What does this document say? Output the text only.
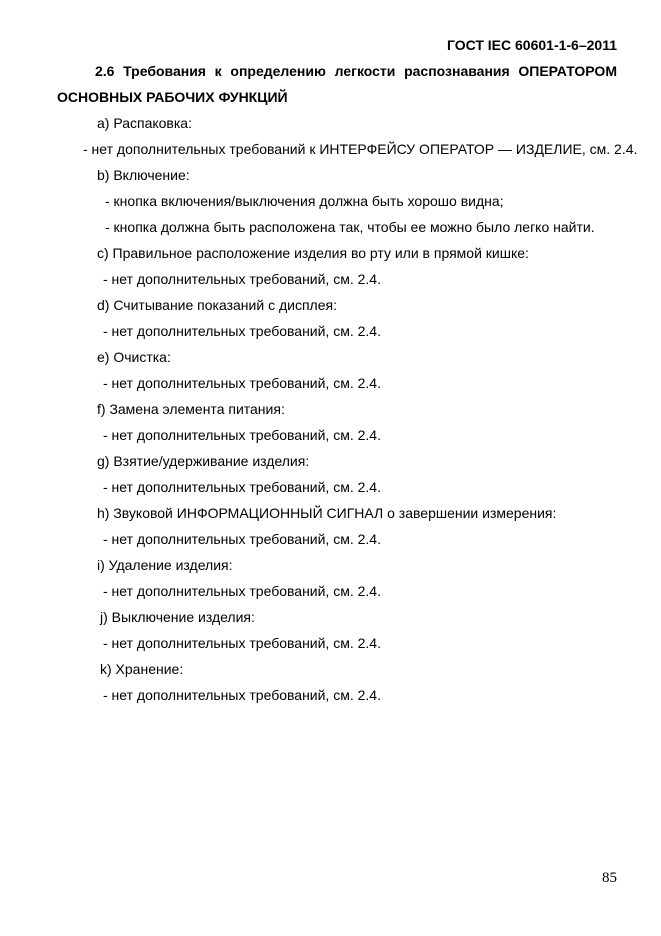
ГОСТ IEC 60601-1-6–2011
2.6 Требования к определению легкости распознавания ОПЕРАТОРОМ
ОСНОВНЫХ РАБОЧИХ ФУНКЦИЙ

a) Распаковка:

- нет дополнительных требований к ИНТЕРФЕЙСУ ОПЕРАТОР — ИЗДЕЛИЕ, см. 2.4.

b) Включение:

- кнопка включения/выключения должна быть хорошо видна;

- кнопка должна быть расположена так, чтобы ее можно было легко найти.

c) Правильное расположение изделия во рту или в прямой кишке:

- нет дополнительных требований, см. 2.4.

d) Считывание показаний с дисплея:

- нет дополнительных требований, см. 2.4.

e) Очистка:

- нет дополнительных требований, см. 2.4.

f) Замена элемента питания:

- нет дополнительных требований, см. 2.4.

g) Взятие/удерживание изделия:

- нет дополнительных требований, см. 2.4.

h) Звуковой ИНФОРМАЦИОННЫЙ СИГНАЛ о завершении измерения:

- нет дополнительных требований, см. 2.4.

i) Удаление изделия:

- нет дополнительных требований, см. 2.4.

j) Выключение изделия:

- нет дополнительных требований, см. 2.4.

k) Хранение:

- нет дополнительных требований, см. 2.4.

85
